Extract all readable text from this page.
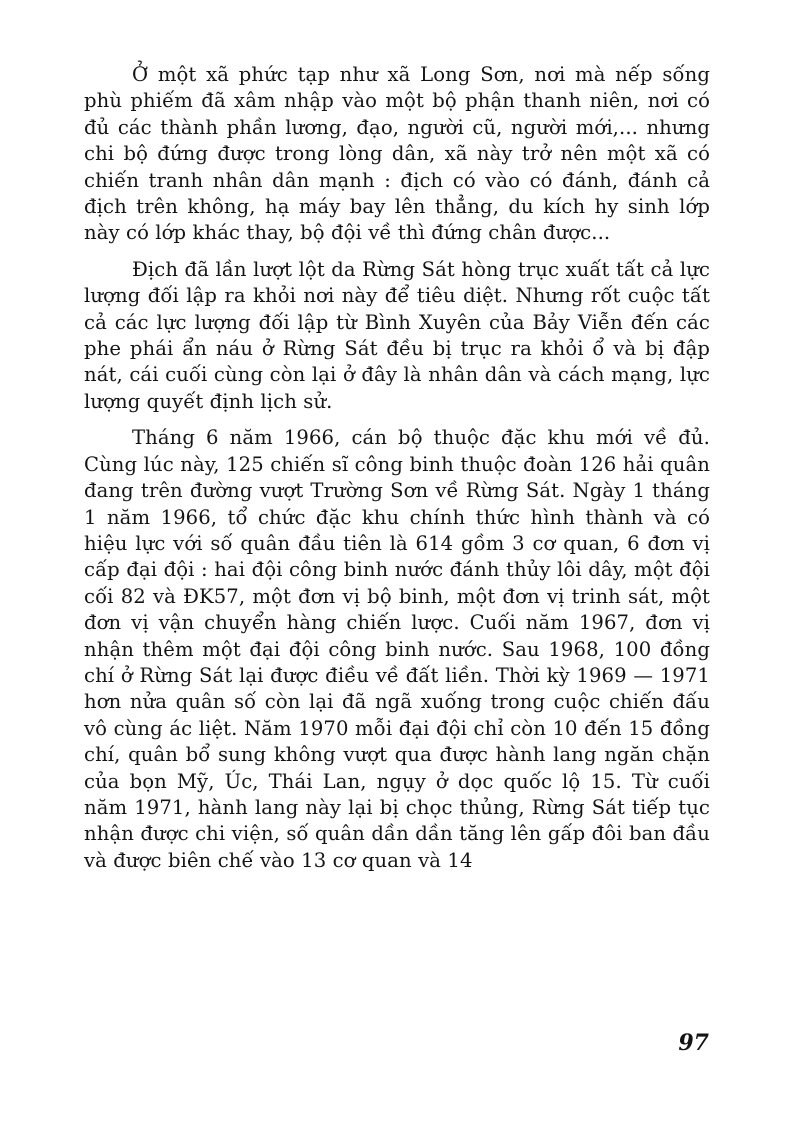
Ở một xã phức tạp như xã Long Sơn, nơi mà nếp sống phù phiếm đã xâm nhập vào một bộ phận thanh niên, nơi có đủ các thành phần lương, đạo, người cũ, người mới,... nhưng chi bộ đứng được trong lòng dân, xã này trở nên một xã có chiến tranh nhân dân mạnh : địch có vào có đánh, đánh cả địch trên không, hạ máy bay lên thẳng, du kích hy sinh lớp này có lớp khác thay, bộ đội về thì đứng chân được...

Địch đã lần lượt lột da Rừng Sát hòng trục xuất tất cả lực lượng đối lập ra khỏi nơi này để tiêu diệt. Nhưng rốt cuộc tất cả các lực lượng đối lập từ Bình Xuyên của Bảy Viễn đến các phe phái ẩn náu ở Rừng Sát đều bị trục ra khỏi ổ và bị đập nát, cái cuối cùng còn lại ở đây là nhân dân và cách mạng, lực lượng quyết định lịch sử.

Tháng 6 năm 1966, cán bộ thuộc đặc khu mới về đủ. Cùng lúc này, 125 chiến sĩ công binh thuộc đoàn 126 hải quân đang trên đường vượt Trường Sơn về Rừng Sát. Ngày 1 tháng 1 năm 1966, tổ chức đặc khu chính thức hình thành và có hiệu lực với số quân đầu tiên là 614 gồm 3 cơ quan, 6 đơn vị cấp đại đội : hai đội công binh nước đánh thủy lôi dây, một đội cối 82 và ĐK57, một đơn vị bộ binh, một đơn vị trinh sát, một đơn vị vận chuyển hàng chiến lược. Cuối năm 1967, đơn vị nhận thêm một đại đội công binh nước. Sau 1968, 100 đồng chí ở Rừng Sát lại được điều về đất liền. Thời kỳ 1969 — 1971 hơn nửa quân số còn lại đã ngã xuống trong cuộc chiến đấu vô cùng ác liệt. Năm 1970 mỗi đại đội chỉ còn 10 đến 15 đồng chí, quân bổ sung không vượt qua được hành lang ngăn chặn của bọn Mỹ, Úc, Thái Lan, ngụy ở dọc quốc lộ 15. Từ cuối năm 1971, hành lang này lại bị chọc thủng, Rừng Sát tiếp tục nhận được chi viện, số quân dần dần tăng lên gấp đôi ban đầu và được biên chế vào 13 cơ quan và 14

97
